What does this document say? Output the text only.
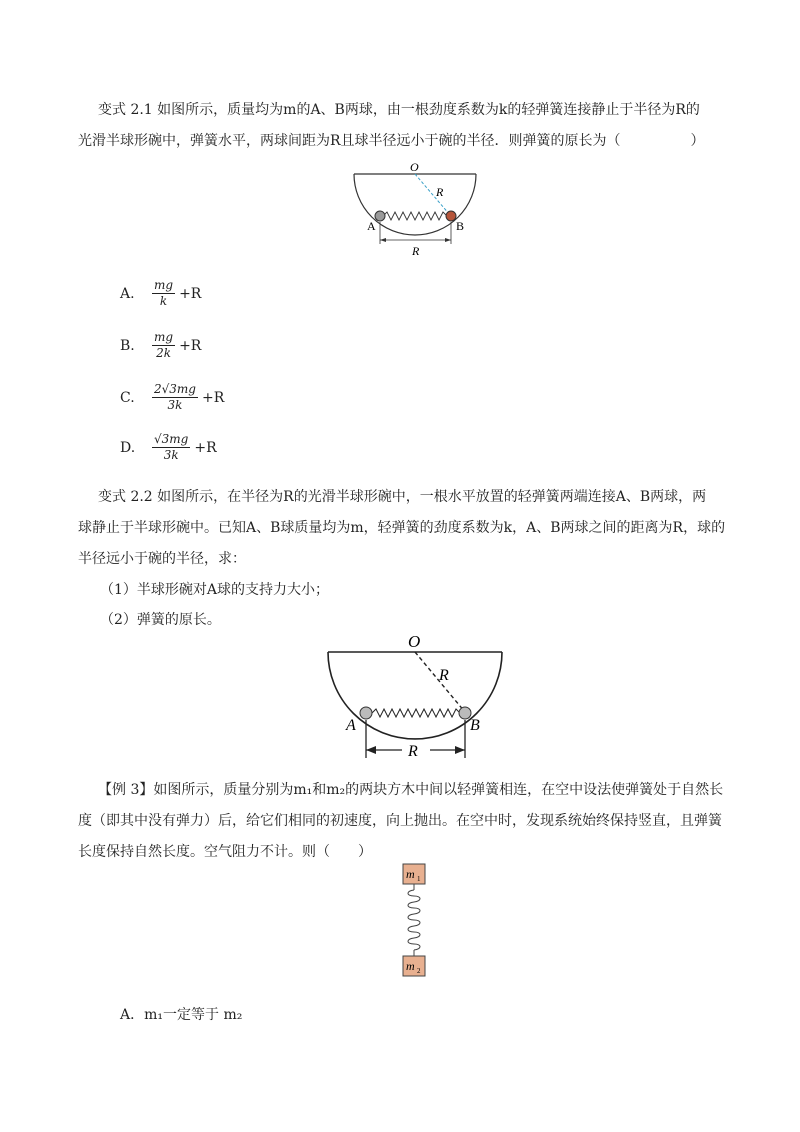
变式 2.1 如图所示，质量均为m的A、B两球，由一根劲度系数为k的轻弹簧连接静止于半径为R的
光滑半球形碗中，弹簧水平，两球间距为R且球半径远小于碗的半径．则弹簧的原长为（　　　　　）
O
R
A	B
R
A.	$\frac{mg}{k} +R$
B.	$\frac{mg}{2k} +R$
C.	$\frac{2√3mg}{3k} +R$
D.	$\frac{√3mg}{3k} +R$
变式 2.2 如图所示，在半径为R的光滑半球形碗中，一根水平放置的轻弹簧两端连接A、B两球，两
球静止于半球形碗中。已知A、B球质量均为m，轻弹簧的劲度系数为k，A、B两球之间的距离为R，球的
半径远小于碗的半径，求：
（1）半球形碗对A球的支持力大小；
（2）弹簧的原长。
O
R
A	B
R
【例 3】如图所示，质量分别为m₁和m₂的两块方木中间以轻弹簧相连，在空中设法使弹簧处于自然长
度（即其中没有弹力）后，给它们相同的初速度，向上抛出。在空中时，发现系统始终保持竖直，且弹簧
长度保持自然长度。空气阻力不计。则（　　）
m 1
m 2
A．m₁一定等于 m₂
